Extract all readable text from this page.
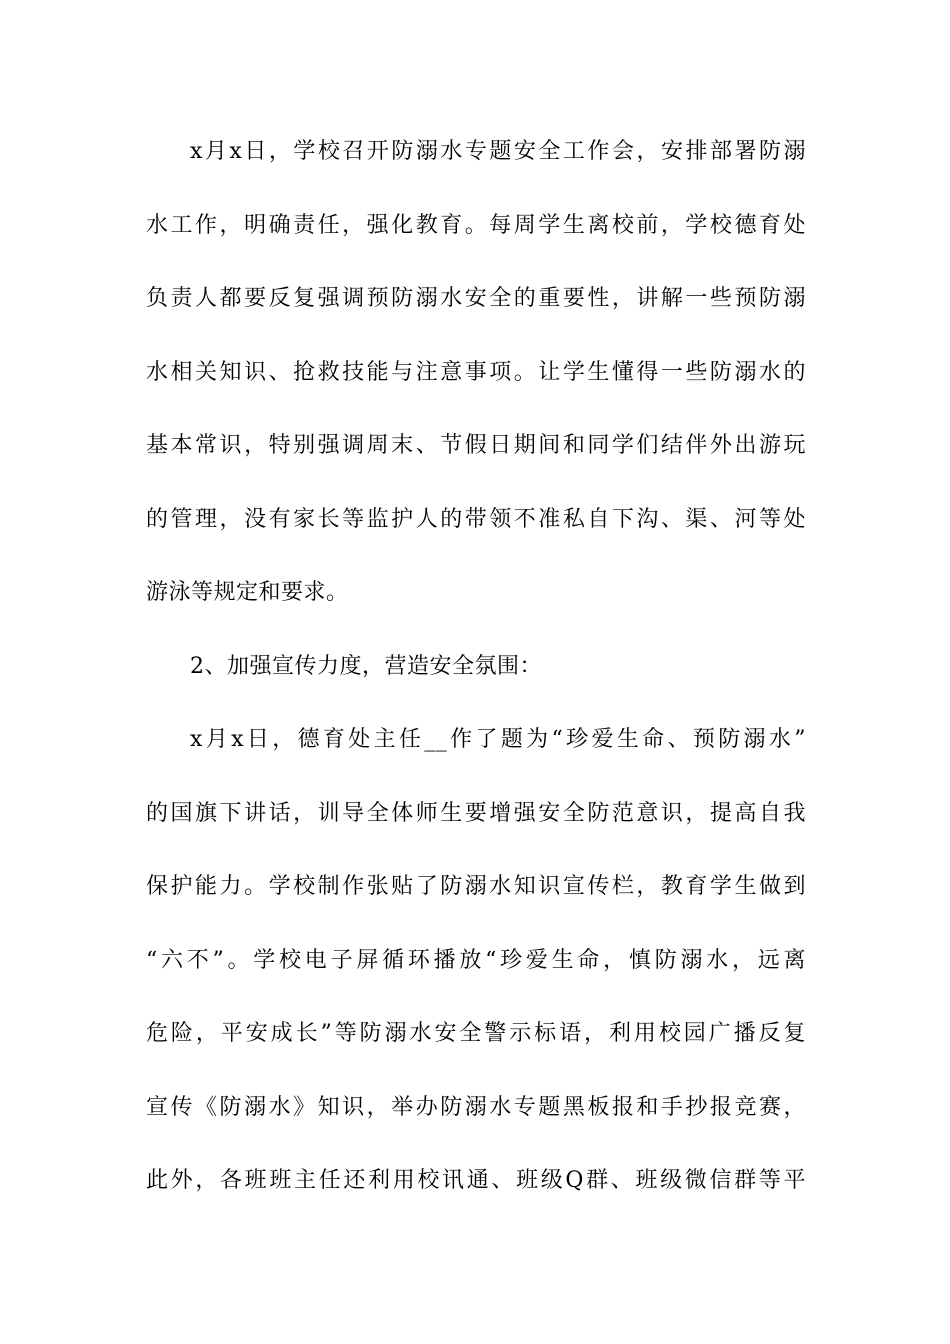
x月x日，学校召开防溺水专题安全工作会，安排部署防溺
水工作，明确责任，强化教育。每周学生离校前，学校德育处
负责人都要反复强调预防溺水安全的重要性，讲解一些预防溺
水相关知识、抢救技能与注意事项。让学生懂得一些防溺水的
基本常识，特别强调周末、节假日期间和同学们结伴外出游玩
的管理，没有家长等监护人的带领不准私自下沟、渠、河等处
游泳等规定和要求。
2、加强宣传力度，营造安全氛围：
x月x日，德育处主任__作了题为“珍爱生命、预防溺水”
的国旗下讲话，训导全体师生要增强安全防范意识，提高自我
保护能力。学校制作张贴了防溺水知识宣传栏，教育学生做到
“六不”。学校电子屏循环播放“珍爱生命，慎防溺水，远离
危险，平安成长”等防溺水安全警示标语，利用校园广播反复
宣传《防溺水》知识，举办防溺水专题黑板报和手抄报竞赛，
此外，各班班主任还利用校讯通、班级Q群、班级微信群等平
